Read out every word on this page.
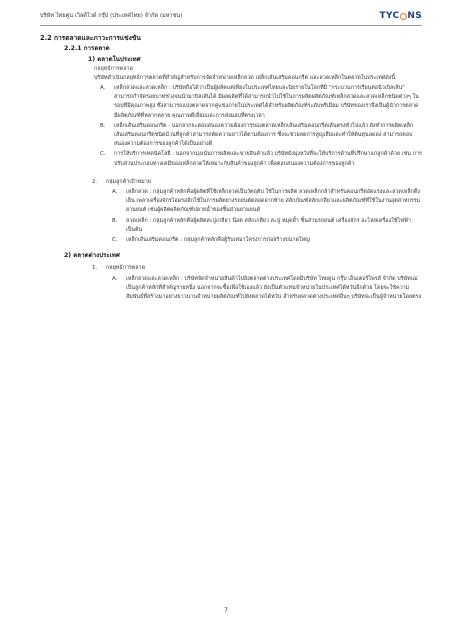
บริษัท ไทยคูน เวิลด์ไวด์ กรุ๊ป (ประเทศไทย) จำกัด (มหาชน)	TYC NS
2.2 การตลาดและภาวะการแข่งขัน
2.2.1 การตลาด
1) ตลาดในประเทศ
กลยุทธ์การตลาด
บริษัทดำเนินกลยุทธ์การตลาดที่สำคัญสำหรับการจัดจำหน่ายเหล็กลวด เหล็กเส้นเสริมคอนกรีต และลวดเหล็กในตลาดในประเทศดังนี้
A.	เหล็กลวดและลวดเหล็ก : บริษัทถือได้ว่าเป็นผู้ผลิตแต่เพียงในประเทศไทยและนิยรายในโลกที่มี "กระบวนการเรียนต่อนิวเบิลเส้น" สามารถกำจัดรอยบาทช่วงจนนำมาบิลเส้นได้ มีผลผลิตที่ได้สามารถนำไปใช้ในการผลิตผลิตภัณฑ์เหล็กลวดและลวดเหล็กชนิดต่างๆ ในรอบที่มีคุณภาพสูง ซึ่งสามารถแบ่งตลาดจากคู่แข่งภายในประเทศได้สำหรับผลิตภัณฑ์ระดับพรีเมียม บริษัทของเราจึงเป็นผู้นำการตลาด มีผลิตภัณฑ์ที่หลากหลาย คุณภาพดีเยี่ยมและการส่งมอบที่ตรงเวลา
B.	เหล็กเส้นเสริมคอนกรีต : นอกจากจะตอบสนองความต้องการของตลาดเหล็กเส้นเสริมคอนกรีตเส้นตรงทั่วไปแล้ว ยังทำการผลิตเหล็กเส้นเสริมคอนกรีตชนิดม้วนที่ลูกค้าสามารถตัดความยาวได้ตามต้องการ ซึ่งจะช่วยลดการสูญเสียและทำให้ต้นทุนลดลง สามารถตอบสนองความต้องการของลูกค้าได้เป็นอย่างดี
C.	การให้บริการเทคนิคโลยี : นอกจากมุ่งเน้นการผลิตและขายสินค้าแล้ว บริษัทยังมุ่งหวังที่จะให้บริการด้านที่ปรึกษาแก่ลูกค้าด้วย เช่น การปรับส่วนประกอบทางเคมีของเหล็กลวดให้เหมาะกับสินค้าของลูกค้า เพื่อตอบสนองความต้องการของลูกค้า
2.	กลุ่มลูกค้าเป้าหมาย
A.	เหล็กลวด : กลุ่มลูกค้าหลักคือผู้ผลิตที่ใช้เหล็กลวดเป็นวัตถุดิบ ใช้ในการผลิต ลวดเหล็กกล้าสำหรับคอนกรีตอัดแรงและลวดเหล็กดึงเย็น เพลาเครื่องจักรไฮดรอลิกใช้ในการผลิตยางรถยนต์ตลอดจากซ้าย สลักภัณฑ์สลักเกลียวและผลิตภัณฑ์ที่ใช้ในงานอุตสาหกรรมยานยนต์ เช่นผู้ผลิตผลิตภัณฑ์ปลายน้ำของชิ้นส่วนยานยนต์
B.	ลวดเหล็ก : กลุ่มลูกค้าหลักคือผู้ผลิตสะปูเกลียว น๊อต สลักเกลียว สะปู หมุดย้ำ ชิ้นส่วนรถยนต์ เครื่องจักร อะไหล่เครื่องใช้ไฟฟ้าเป็นต้น
C.	เหล็กเส้นเสริมคอนกรีต : กลุ่มลูกค้าหลักคือผู้รับเหมาโครงการก่อสร้างขนาดใหญ่
2) ตลาดต่างประเทศ
1.	กลยุทธ์การตลาด
A.	เหล็กลวดและลวดเหล็ก : บริษัทจัดจำหน่ายสินค้าไปยังตลาดต่างประเทศโดยมีบริษัท ไทยคูน กรุ๊ป เอ็นเตอร์ไพรส์ จำกัด บริษัทแม่เป็นลูกค้าหลักที่สำคัญรายหนึ่ง นอกจากจะซื้อเพื่อใช้เองแล้ว ยังเป็นตัวแทนจำหน่ายในประเทศไต้หวันอีกด้วย โดยจะใช้ความสัมพันธ์ที่สร้างมาอย่างยาวนานจำหน่ายผลิตภัณฑ์ไปยังตลาดไต้หวัน สำหรับตลาดต่างประเทศอื่นๆ บริษัทจะเป็นผู้จำหน่ายโดยตรง
7
